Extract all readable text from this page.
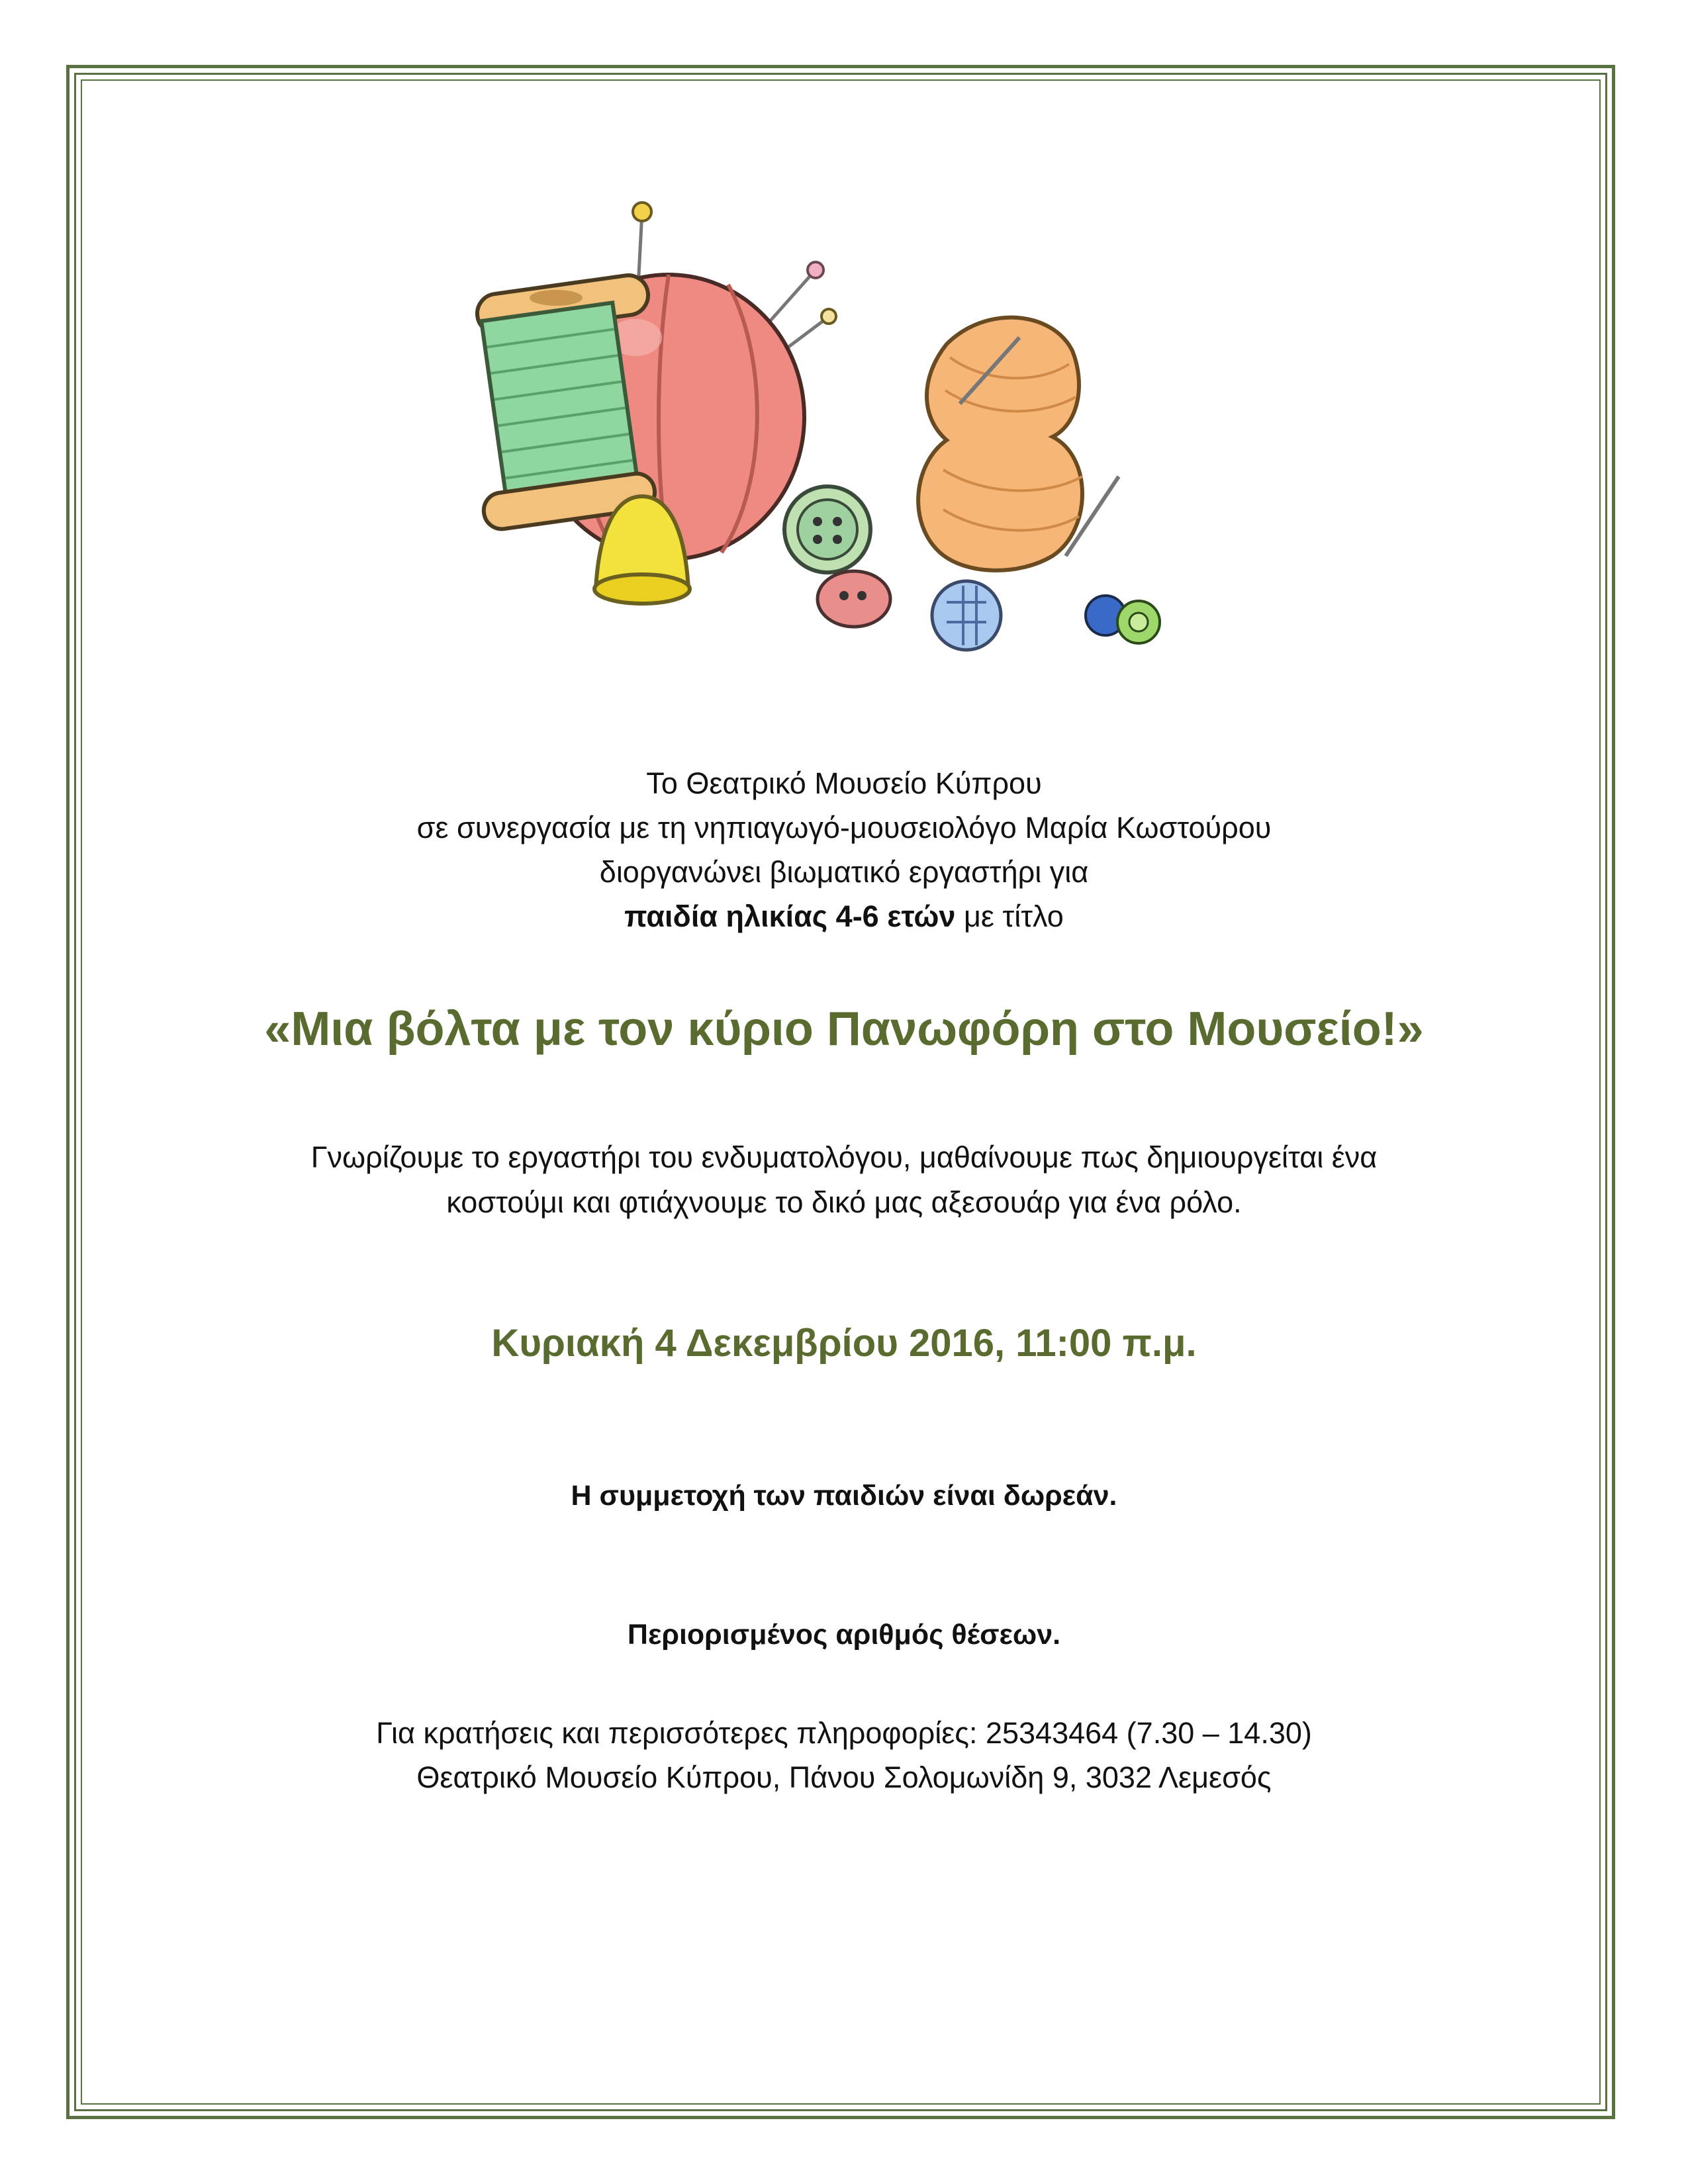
Το Θεατρικό Μουσείο Κύπρου
σε συνεργασία με τη νηπιαγωγό-μουσειολόγο Μαρία Κωστούρου
διοργανώνει βιωματικό εργαστήρι για
παιδία ηλικίας 4-6 ετών με τίτλο
«Μια βόλτα με τον κύριο Πανωφόρη στο Μουσείο!»
Γνωρίζουμε το εργαστήρι του ενδυματολόγου, μαθαίνουμε πως δημιουργείται ένα
κοστούμι και φτιάχνουμε το δικό μας αξεσουάρ για ένα ρόλο.
Κυριακή 4 Δεκεμβρίου 2016, 11:00 π.μ.
Η συμμετοχή των παιδιών είναι δωρεάν.
Περιορισμένος αριθμός θέσεων.
Για κρατήσεις και περισσότερες πληροφορίες: 25343464 (7.30 – 14.30)
Θεατρικό Μουσείο Κύπρου, Πάνου Σολομωνίδη 9, 3032 Λεμεσός
